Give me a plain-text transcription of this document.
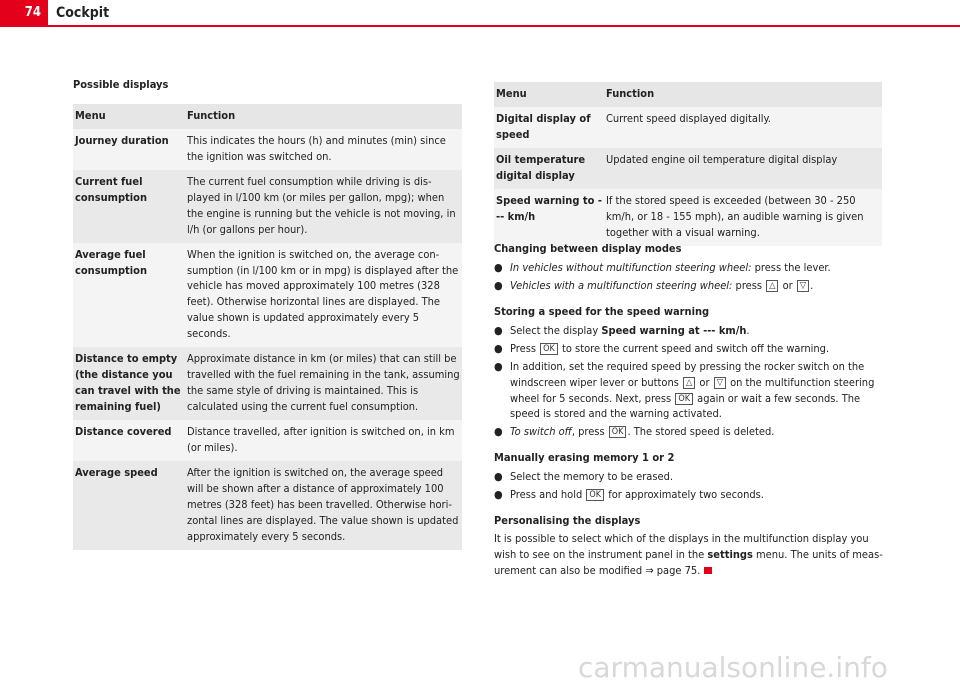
74	Cockpit
Possible displays
Menu	Function
Journey duration	This indicates the hours (h) and minutes (min) since the ignition was switched on.
Current fuel consumption	The current fuel consumption while driving is dis-played in l/100 km (or miles per gallon, mpg); when the engine is running but the vehicle is not moving, in l/h (or gallons per hour).
Average fuel consumption	When the ignition is switched on, the average con-sumption (in l/100 km or in mpg) is displayed after the vehicle has moved approximately 100 metres (328 feet). Otherwise horizontal lines are displayed. The value shown is updated approximately every 5 seconds.
Distance to empty (the distance you can travel with the remaining fuel)	Approximate distance in km (or miles) that can still be travelled with the fuel remaining in the tank, assuming the same style of driving is maintained. This is calculated using the current fuel consumption.
Distance covered	Distance travelled, after ignition is switched on, in km (or miles).
Average speed	After the ignition is switched on, the average speed will be shown after a distance of approximately 100 metres (328 feet) has been travelled. Otherwise hori-zontal lines are displayed. The value shown is updated approximately every 5 seconds.
Menu	Function
Digital display of speed	Current speed displayed digitally.
Oil temperature digital display	Updated engine oil temperature digital display
Speed warning to --- km/h	If the stored speed is exceeded (between 30 - 250 km/h, or 18 - 155 mph), an audible warning is given together with a visual warning.

Changing between display modes

● In vehicles without multifunction steering wheel: press the lever.

● Vehicles with a multifunction steering wheel: press △ or ▽ .

Storing a speed for the speed warning

● Select the display Speed warning at --- km/h.

● Press OK to store the current speed and switch off the warning.

● In addition, set the required speed by pressing the rocker switch on the windscreen wiper lever or buttons △ or ▽ on the multifunction steering wheel for 5 seconds. Next, press OK again or wait a few seconds. The speed is stored and the warning activated.

● To switch off, press OK . The stored speed is deleted.

Manually erasing memory 1 or 2

● Select the memory to be erased.

● Press and hold OK for approximately two seconds.

Personalising the displays

It is possible to select which of the displays in the multifunction display you wish to see on the instrument panel in the settings menu. The units of meas-urement can also be modified ⇒ page 75.

carmanualsonline.info
